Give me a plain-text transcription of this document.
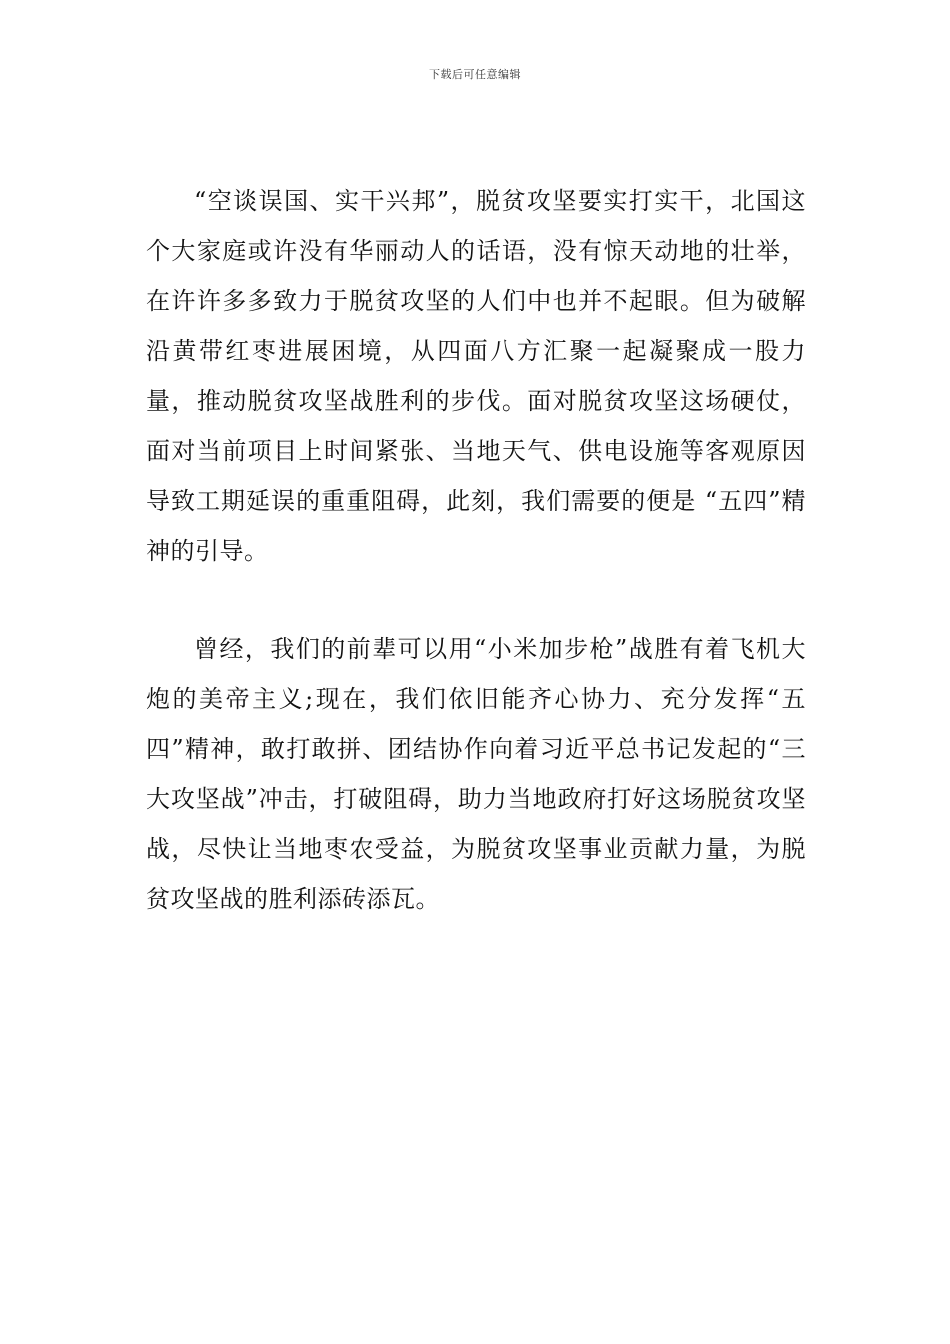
下载后可任意编辑

“空谈误国、实干兴邦”，脱贫攻坚要实打实干，北国这个大家庭或许没有华丽动人的话语，没有惊天动地的壮举，在许许多多致力于脱贫攻坚的人们中也并不起眼。但为破解沿黄带红枣进展困境，从四面八方汇聚一起凝聚成一股力量，推动脱贫攻坚战胜利的步伐。面对脱贫攻坚这场硬仗，面对当前项目上时间紧张、当地天气、供电设施等客观原因导致工期延误的重重阻碍，此刻，我们需要的便是 “五四”精神的引导。

曾经，我们的前辈可以用“小米加步枪”战胜有着飞机大炮的美帝主义;现在，我们依旧能齐心协力、充分发挥“五四”精神，敢打敢拼、团结协作向着习近平总书记发起的“三大攻坚战”冲击，打破阻碍，助力当地政府打好这场脱贫攻坚战，尽快让当地枣农受益，为脱贫攻坚事业贡献力量，为脱贫攻坚战的胜利添砖添瓦。
